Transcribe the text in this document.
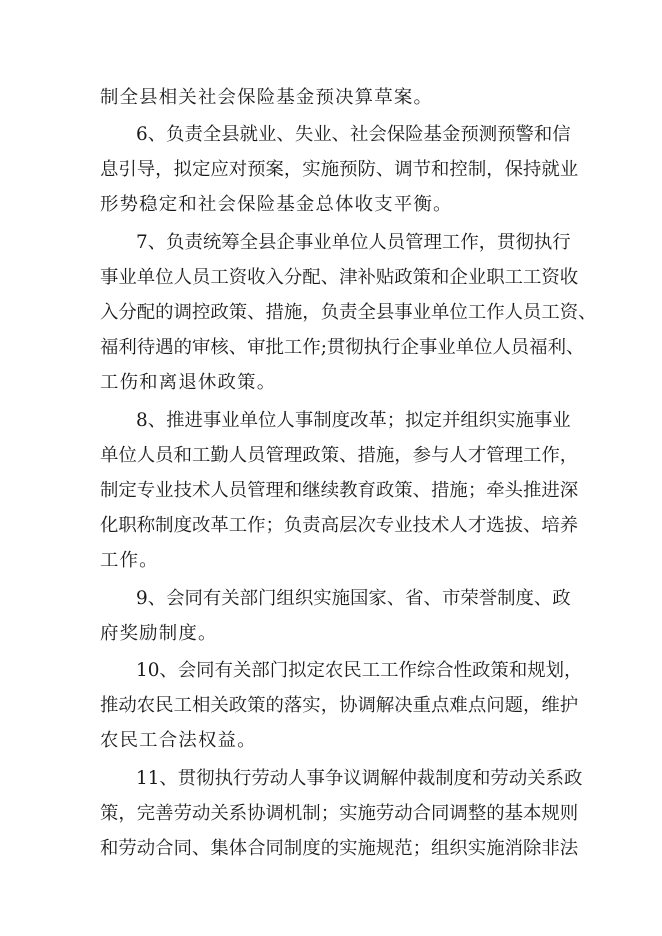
制全县相关社会保险基金预决算草案。
6、负责全县就业、失业、社会保险基金预测预警和信
息引导，拟定应对预案，实施预防、调节和控制，保持就业
形势稳定和社会保险基金总体收支平衡。
7、负责统筹全县企事业单位人员管理工作，贯彻执行
事业单位人员工资收入分配、津补贴政策和企业职工工资收
入分配的调控政策、措施，负责全县事业单位工作人员工资、
福利待遇的审核、审批工作;贯彻执行企事业单位人员福利、
工伤和离退休政策。
8、推进事业单位人事制度改革；拟定并组织实施事业
单位人员和工勤人员管理政策、措施，参与人才管理工作，
制定专业技术人员管理和继续教育政策、措施；牵头推进深
化职称制度改革工作；负责高层次专业技术人才选拔、培养
工作。
9、会同有关部门组织实施国家、省、市荣誉制度、政
府奖励制度。
10、会同有关部门拟定农民工工作综合性政策和规划，
推动农民工相关政策的落实，协调解决重点难点问题，维护
农民工合法权益。
11、贯彻执行劳动人事争议调解仲裁制度和劳动关系政
策，完善劳动关系协调机制；实施劳动合同调整的基本规则
和劳动合同、集体合同制度的实施规范；组织实施消除非法
